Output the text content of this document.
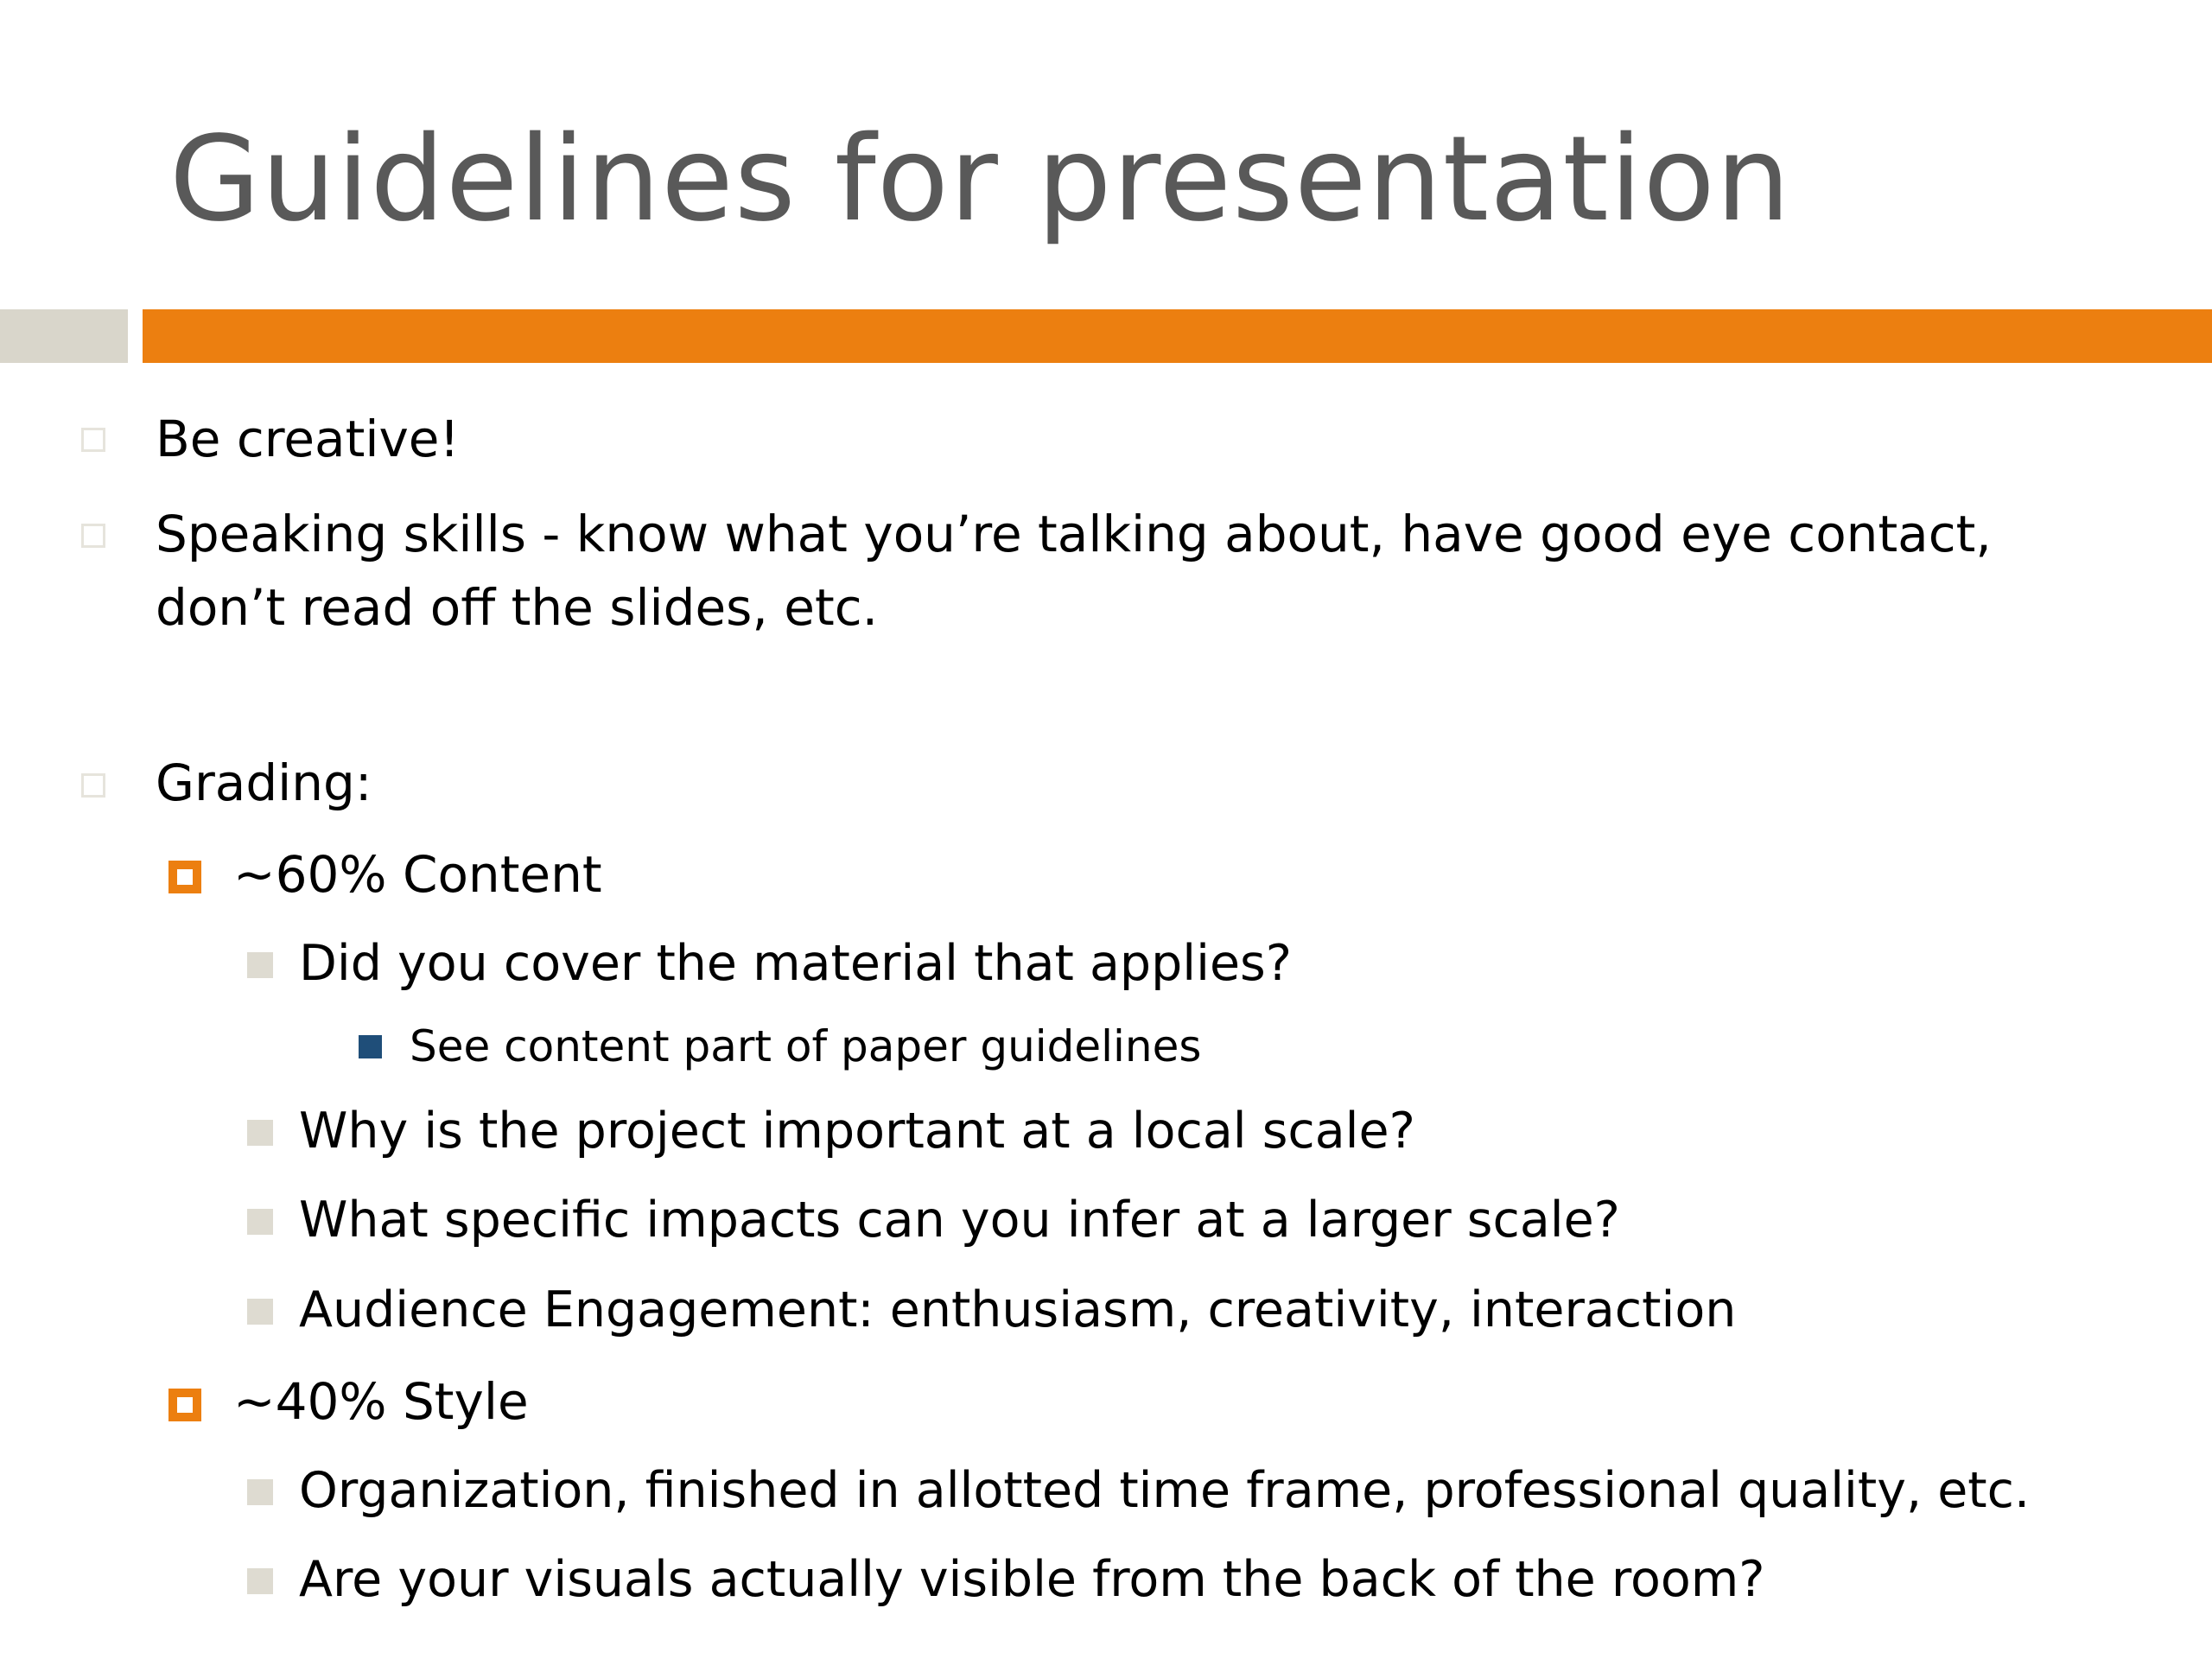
Guidelines for presentation
Be creative!
Speaking skills - know what you’re talking about, have good eye contact, don’t read off the slides, etc.
Grading:
~60% Content
Did you cover the material that applies?
See content part of paper guidelines
Why is the project important at a local scale?
What specific impacts can you infer at a larger scale?
Audience Engagement: enthusiasm, creativity, interaction
~40% Style
Organization, finished in allotted time frame, professional quality, etc.
Are your visuals actually visible from the back of the room?
